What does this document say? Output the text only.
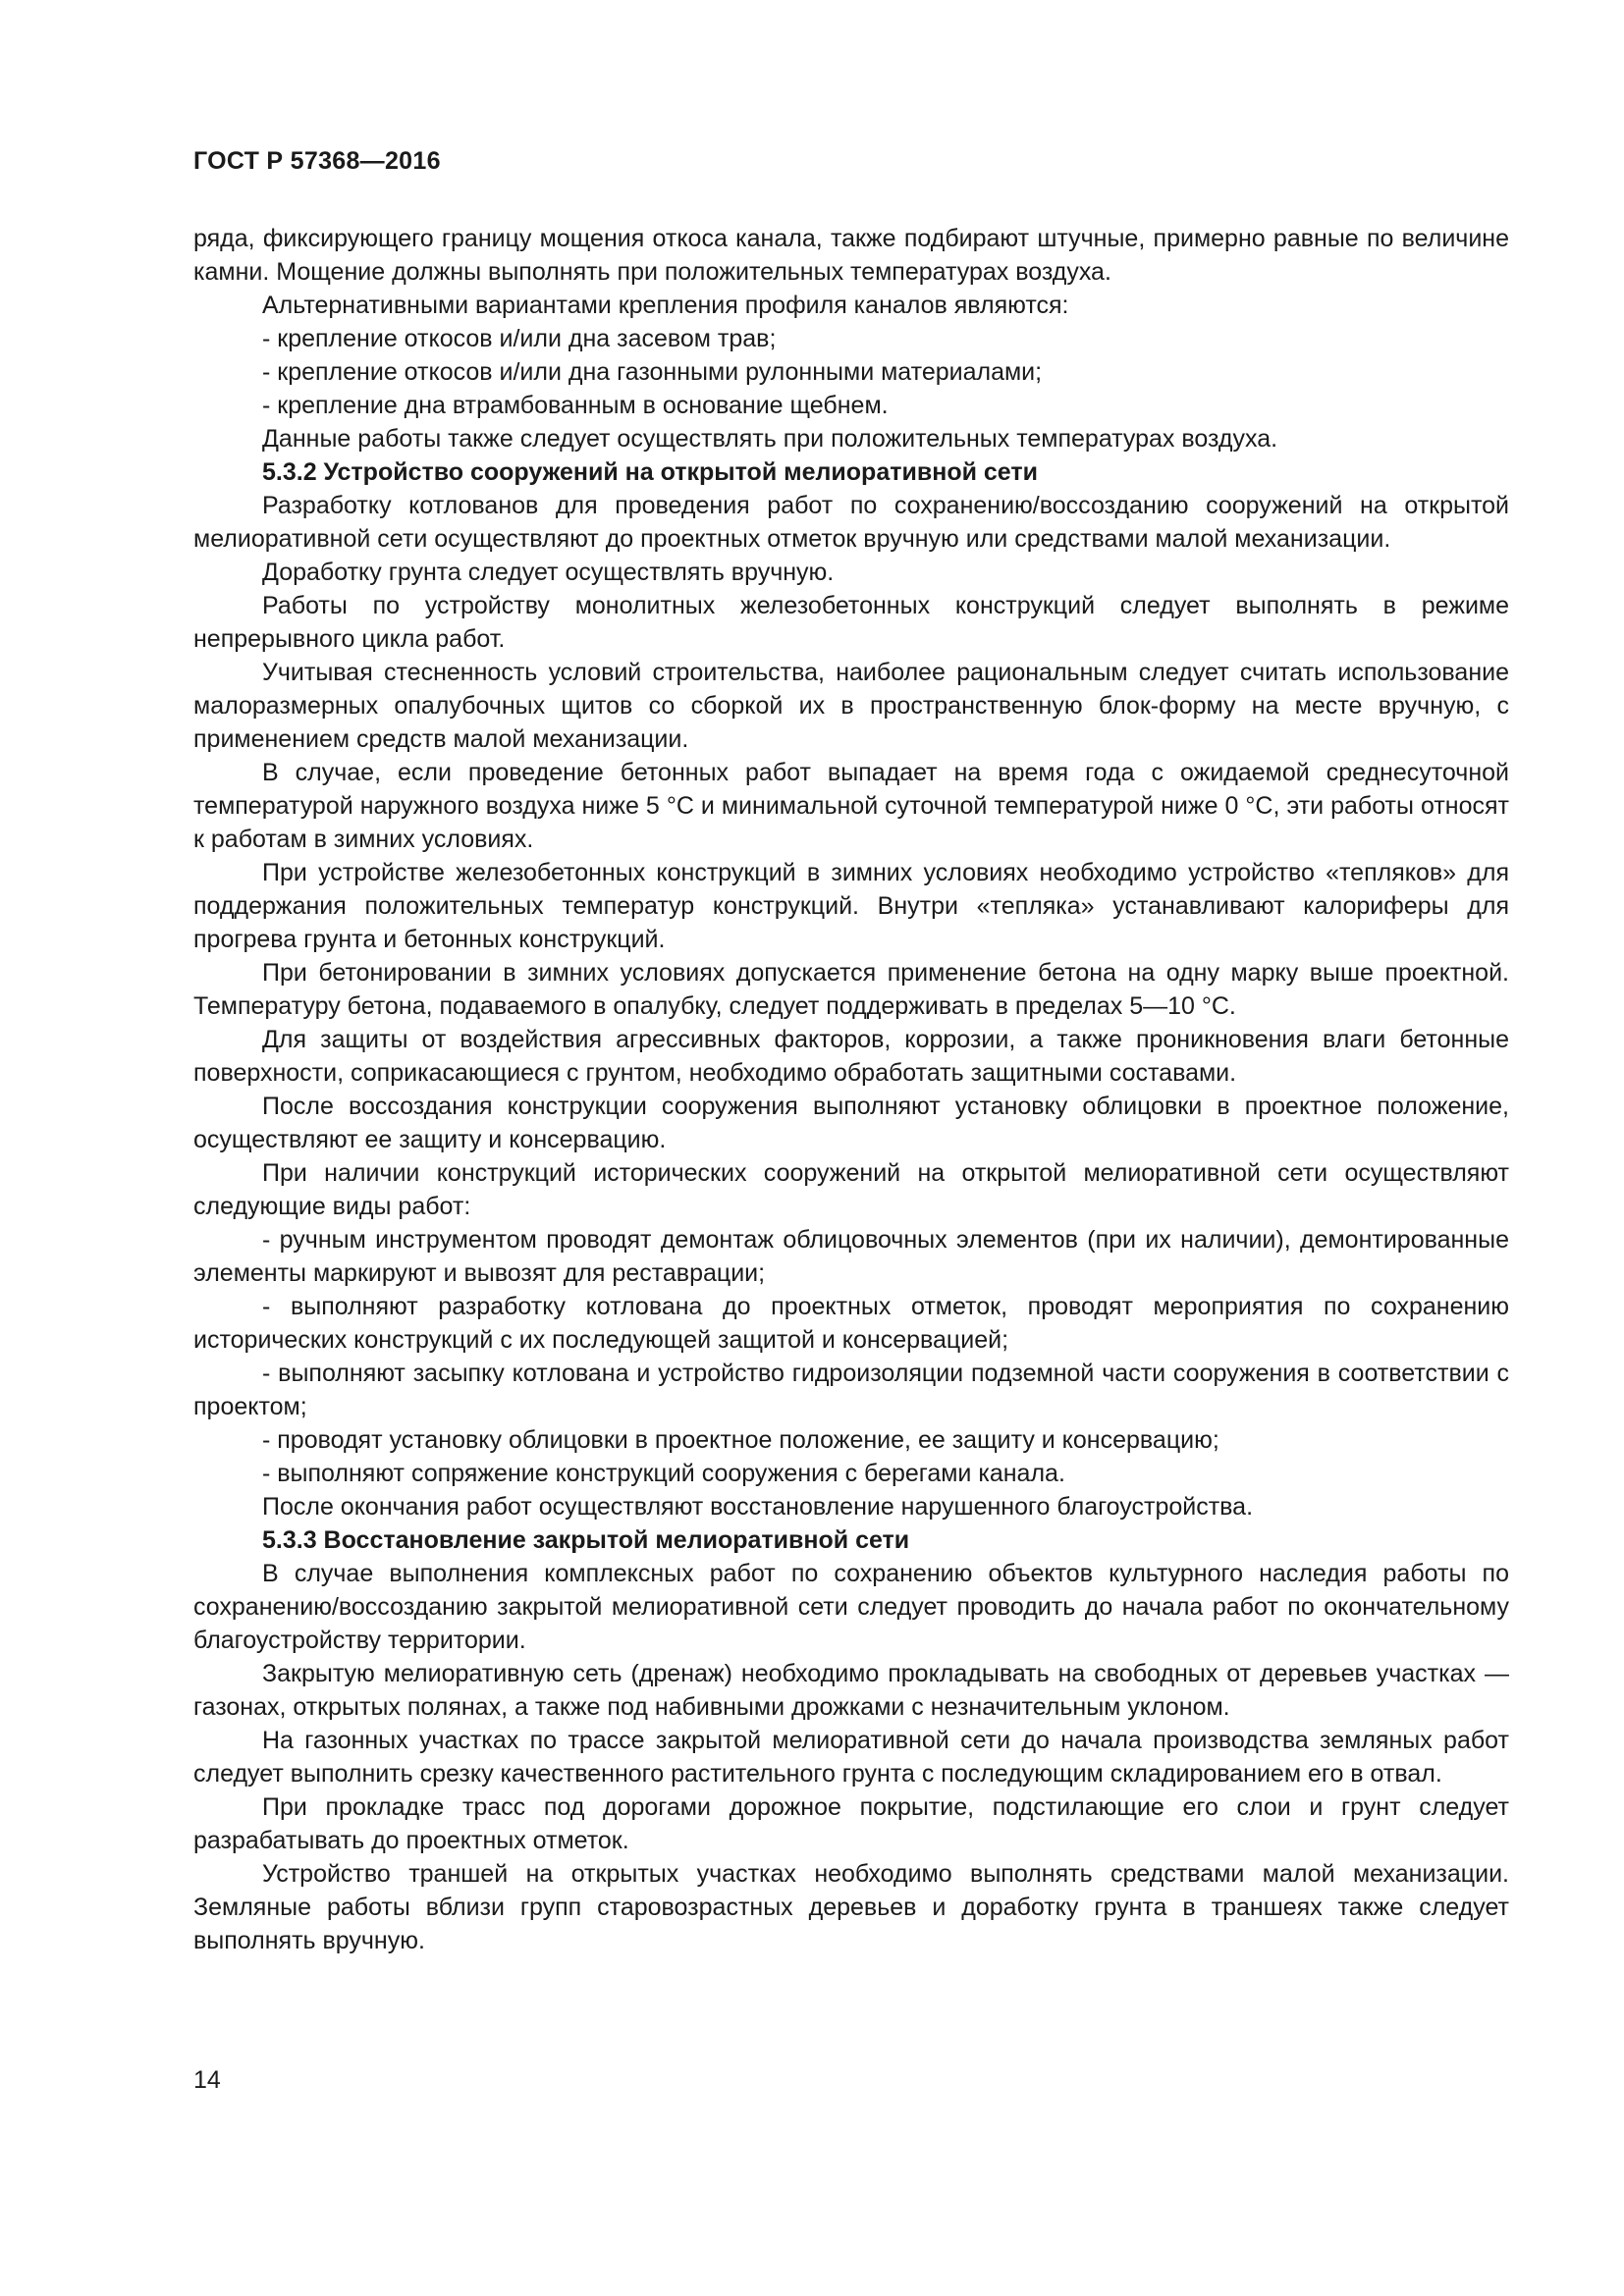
ГОСТ Р 57368—2016

ряда, фиксирующего границу мощения откоса канала, также подбирают штучные, примерно равные по величине камни. Мощение должны выполнять при положительных температурах воздуха.

Альтернативными вариантами крепления профиля каналов являются:

- крепление откосов и/или дна засевом трав;

- крепление откосов и/или дна газонными рулонными материалами;

- крепление дна втрамбованным в основание щебнем.

Данные работы также следует осуществлять при положительных температурах воздуха.

5.3.2 Устройство сооружений на открытой мелиоративной сети

Разработку котлованов для проведения работ по сохранению/воссозданию сооружений на открытой мелиоративной сети осуществляют до проектных отметок вручную или средствами малой механизации.

Доработку грунта следует осуществлять вручную.

Работы по устройству монолитных железобетонных конструкций следует выполнять в режиме непрерывного цикла работ.

Учитывая стесненность условий строительства, наиболее рациональным следует считать использование малоразмерных опалубочных щитов со сборкой их в пространственную блок-форму на месте вручную, с применением средств малой механизации.

В случае, если проведение бетонных работ выпадает на время года с ожидаемой среднесуточной температурой наружного воздуха ниже 5 °С и минимальной суточной температурой ниже 0 °С, эти работы относят к работам в зимних условиях.

При устройстве железобетонных конструкций в зимних условиях необходимо устройство «тепляков» для поддержания положительных температур конструкций. Внутри «тепляка» устанавливают калориферы для прогрева грунта и бетонных конструкций.

При бетонировании в зимних условиях допускается применение бетона на одну марку выше проектной. Температуру бетона, подаваемого в опалубку, следует поддерживать в пределах 5—10 °С.

Для защиты от воздействия агрессивных факторов, коррозии, а также проникновения влаги бетонные поверхности, соприкасающиеся с грунтом, необходимо обработать защитными составами.

После воссоздания конструкции сооружения выполняют установку облицовки в проектное положение, осуществляют ее защиту и консервацию.

При наличии конструкций исторических сооружений на открытой мелиоративной сети осуществляют следующие виды работ:

- ручным инструментом проводят демонтаж облицовочных элементов (при их наличии), демонтированные элементы маркируют и вывозят для реставрации;

- выполняют разработку котлована до проектных отметок, проводят мероприятия по сохранению исторических конструкций с их последующей защитой и консервацией;

- выполняют засыпку котлована и устройство гидроизоляции подземной части сооружения в соответствии с проектом;

- проводят установку облицовки в проектное положение, ее защиту и консервацию;

- выполняют сопряжение конструкций сооружения с берегами канала.

После окончания работ осуществляют восстановление нарушенного благоустройства.

5.3.3 Восстановление закрытой мелиоративной сети

В случае выполнения комплексных работ по сохранению объектов культурного наследия работы по сохранению/воссозданию закрытой мелиоративной сети следует проводить до начала работ по окончательному благоустройству территории.

Закрытую мелиоративную сеть (дренаж) необходимо прокладывать на свободных от деревьев участках — газонах, открытых полянах, а также под набивными дрожками с незначительным уклоном.

На газонных участках по трассе закрытой мелиоративной сети до начала производства земляных работ следует выполнить срезку качественного растительного грунта с последующим складированием его в отвал.

При прокладке трасс под дорогами дорожное покрытие, подстилающие его слои и грунт следует разрабатывать до проектных отметок.

Устройство траншей на открытых участках необходимо выполнять средствами малой механизации. Земляные работы вблизи групп старовозрастных деревьев и доработку грунта в траншеях также следует выполнять вручную.

14
